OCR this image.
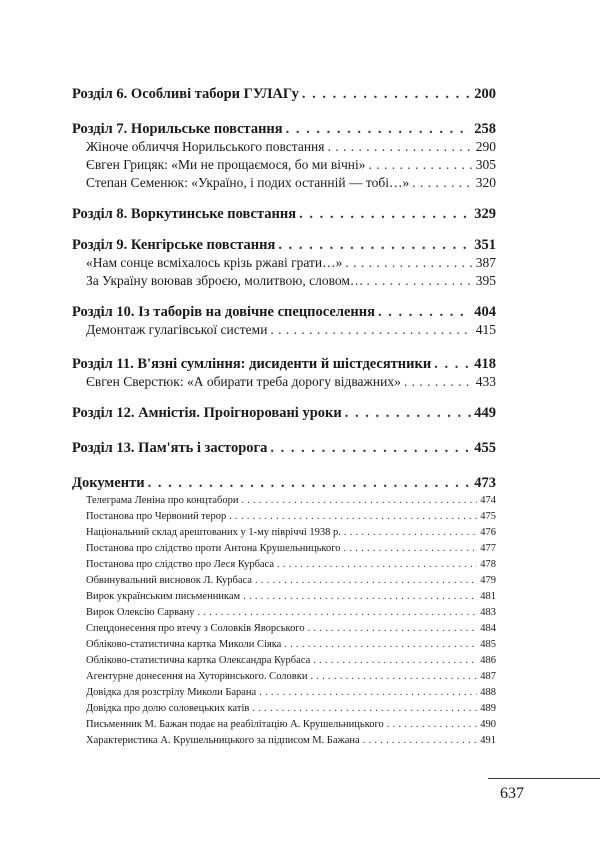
Розділ 6. Особливі табори ГУЛАГу . . .	200
Розділ 7. Норильське повстання . . .	258
Жіноче обличчя Норильського повстання . . .	290
Євген Грицяк: «Ми не прощаємося, бо ми вічні» . . .	305
Степан Семенюк: «Україно, і подих останній — тобі…» . . .	320
Розділ 8. Воркутинське повстання . . .	329
Розділ 9. Кенгірське повстання . . .	351
«Нам сонце всміхалось крізь ржаві грати…» . . .	387
За Україну воював зброєю, молитвою, словом… . . .	395
Розділ 10. Із таборів на довічне спецпоселення . . .	404
Демонтаж гулагівської системи . . .	415
Розділ 11. В'язні сумління: дисиденти й шістдесятники . . .	418
Євген Сверстюк: «А обирати треба дорогу відважних» . . .	433
Розділ 12. Амністія. Проігноровані уроки . . .	449
Розділ 13. Пам'ять і засторога . . .	455
Документи . . .	473
Телеграма Леніна про концтабори . . .	474
Постанова про Червоний терор . . .	475
Національний склад арештованих у 1-му півріччі 1938 р. . . .	476
Постанова про слідство проти Антона Крушельницького . . .	477
Постанова про слідство про Леся Курбаса . . .	478
Обвинувальний висновок Л. Курбаса . . .	479
Вирок українським письменникам . . .	481
Вирок Олексію Сарвану . . .	483
Спецдонесення про втечу з Соловків Яворського . . .	484
Обліково-статистична картка Миколи Сіяка . . .	485
Обліково-статистична картка Олександра Курбаса . . .	486
Агентурне донесення на Хуторянського. Соловки . . .	487
Довідка для розстрілу Миколи Барана . . .	488
Довідка про долю соловецьких катів . . .	489
Письменник М. Бажан подає на реабілітацію А. Крушельницького . . .	490
Характеристика А. Крушельницького за підписом М. Бажана . . .	491
637
